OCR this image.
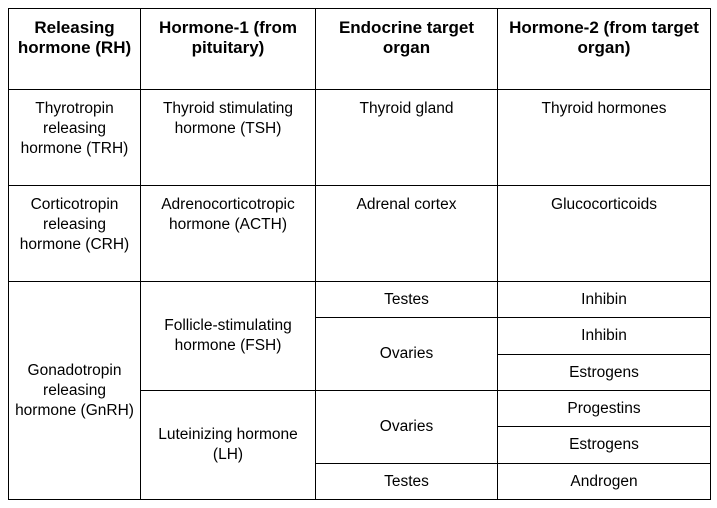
Releasing hormone (RH)	Hormone-1 (from pituitary)	Endocrine target organ	Hormone-2 (from target organ)
Thyrotropin releasing hormone (TRH)	Thyroid stimulating hormone (TSH)	Thyroid gland	Thyroid hormones
Corticotropin releasing hormone (CRH)	Adrenocorticotropic hormone (ACTH)	Adrenal cortex	Glucocorticoids
Gonadotropin releasing hormone (GnRH)	Follicle-stimulating hormone (FSH)	Testes	Inhibin
		Ovaries	Inhibin
			Estrogens
	Luteinizing hormone (LH)	Ovaries	Progestins
			Estrogens
		Testes	Androgen
